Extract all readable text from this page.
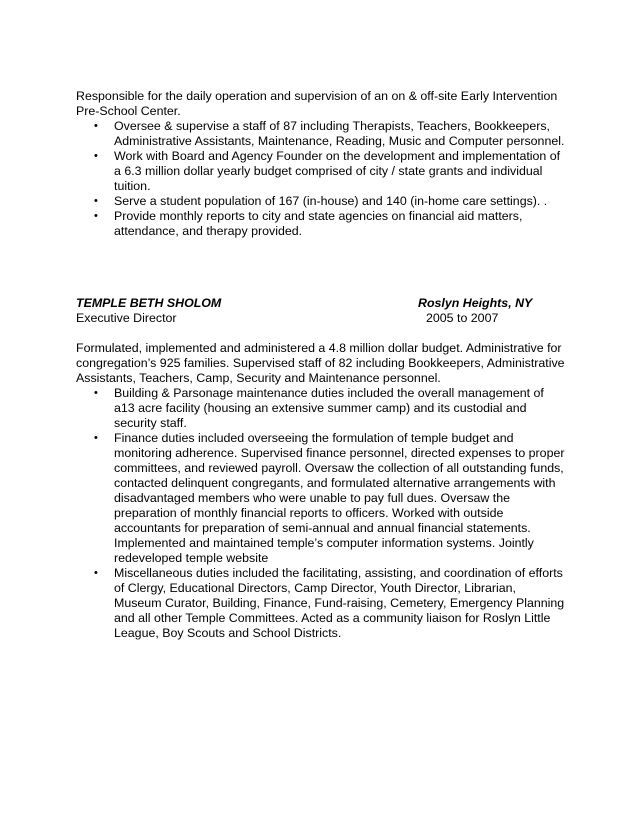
Responsible for the daily operation and supervision of an on & off-site Early Intervention Pre-School Center.

• Oversee & supervise a staff of 87 including Therapists, Teachers, Bookkeepers, Administrative Assistants, Maintenance, Reading, Music and Computer personnel.
• Work with Board and Agency Founder on the development and implementation of a 6.3 million dollar yearly budget comprised of city / state grants and individual tuition.
• Serve a student population of 167 (in-house) and 140 (in-home care settings). .
• Provide monthly reports to city and state agencies on financial aid matters, attendance, and therapy provided.
TEMPLE BETH SHOLOM	Roslyn Heights, NY
Executive Director	2005 to 2007

Formulated, implemented and administered a 4.8 million dollar budget. Administrative for congregation’s 925 families. Supervised staff of 82 including Bookkeepers, Administrative Assistants, Teachers, Camp, Security and Maintenance personnel.

• Building & Parsonage maintenance duties included the overall management of a13 acre facility (housing an extensive summer camp) and its custodial and security staff.
• Finance duties included overseeing the formulation of temple budget and monitoring adherence. Supervised finance personnel, directed expenses to proper committees, and reviewed payroll. Oversaw the collection of all outstanding funds, contacted delinquent congregants, and formulated alternative arrangements with disadvantaged members who were unable to pay full dues. Oversaw the preparation of monthly financial reports to officers. Worked with outside accountants for preparation of semi-annual and annual financial statements. Implemented and maintained temple’s computer information systems. Jointly redeveloped temple website
• Miscellaneous duties included the facilitating, assisting, and coordination of efforts of Clergy, Educational Directors, Camp Director, Youth Director, Librarian, Museum Curator, Building, Finance, Fund-raising, Cemetery, Emergency Planning and all other Temple Committees. Acted as a community liaison for Roslyn Little League, Boy Scouts and School Districts.
